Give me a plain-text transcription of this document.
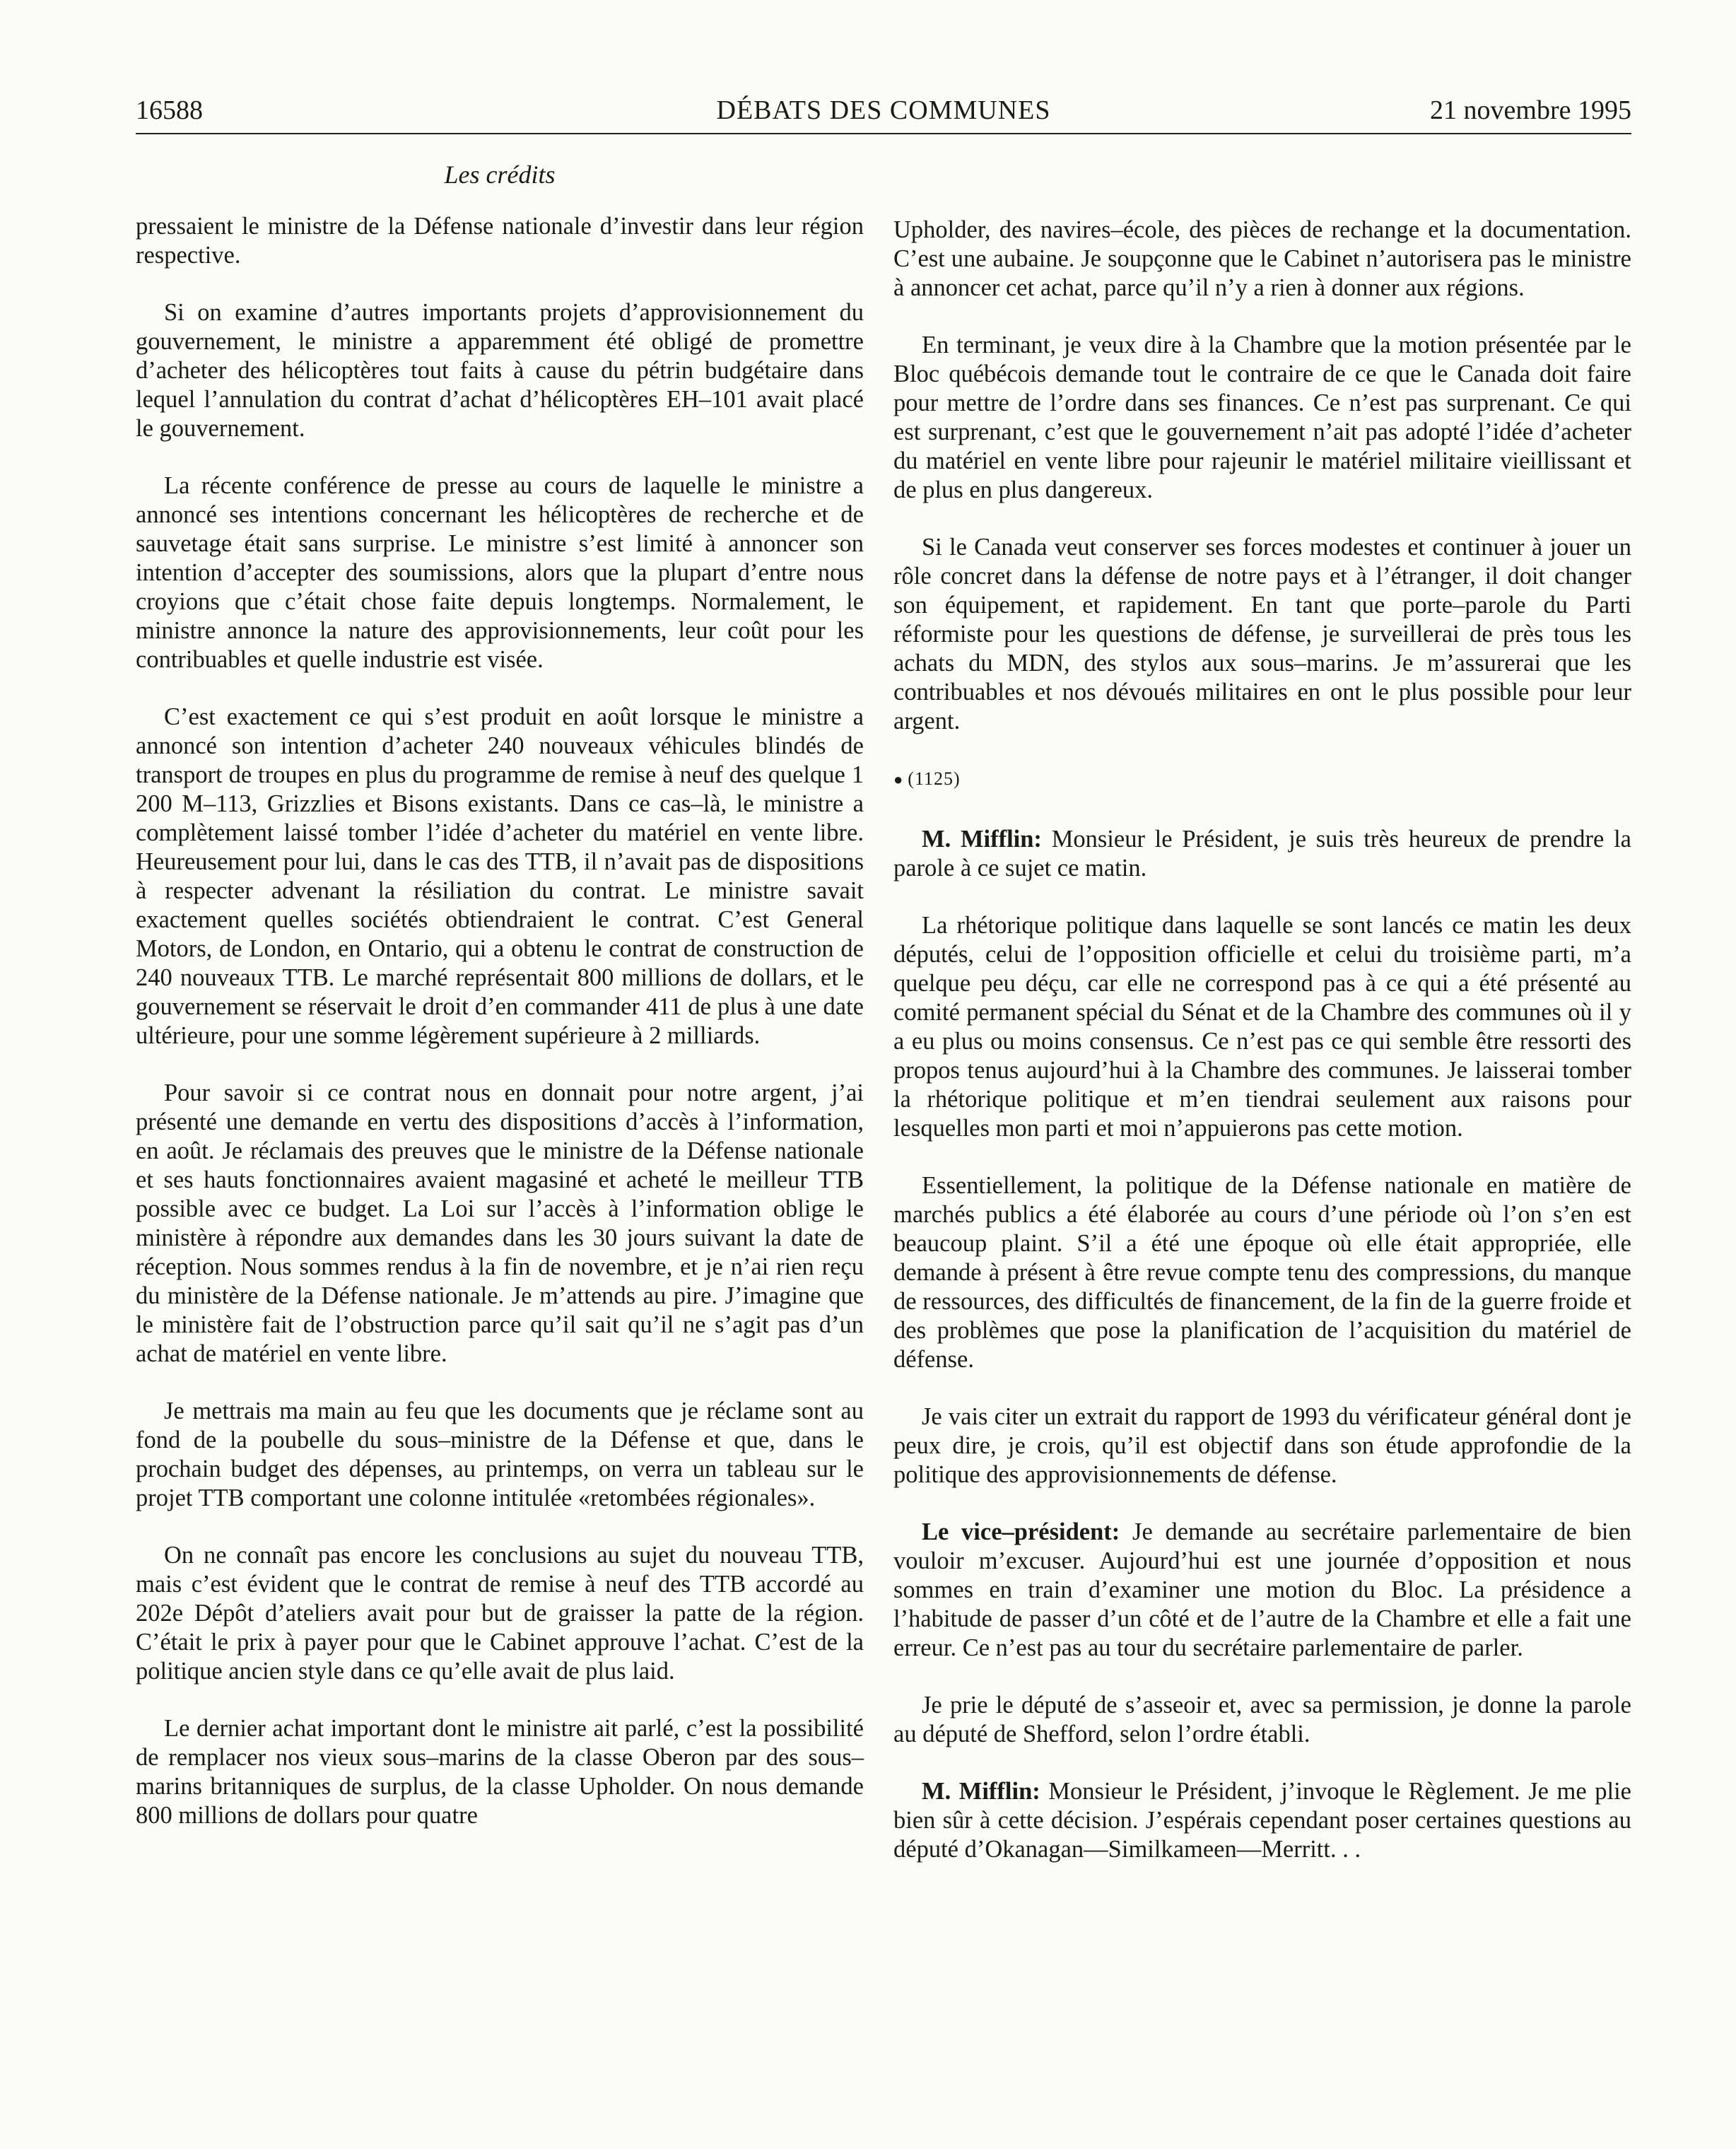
16588	DÉBATS DES COMMUNES	21 novembre 1995
Les crédits

pressaient le ministre de la Défense nationale d’investir dans leur région respective.

Si on examine d’autres importants projets d’approvisionnement du gouvernement, le ministre a apparemment été obligé de promettre d’acheter des hélicoptères tout faits à cause du pétrin budgétaire dans lequel l’annulation du contrat d’achat d’hélicoptères EH–101 avait placé le gouvernement.

La récente conférence de presse au cours de laquelle le ministre a annoncé ses intentions concernant les hélicoptères de recherche et de sauvetage était sans surprise. Le ministre s’est limité à annoncer son intention d’accepter des soumissions, alors que la plupart d’entre nous croyions que c’était chose faite depuis longtemps. Normalement, le ministre annonce la nature des approvisionnements, leur coût pour les contribuables et quelle industrie est visée.

C’est exactement ce qui s’est produit en août lorsque le ministre a annoncé son intention d’acheter 240 nouveaux véhicules blindés de transport de troupes en plus du programme de remise à neuf des quelque 1 200 M–113, Grizzlies et Bisons existants. Dans ce cas–là, le ministre a complètement laissé tomber l’idée d’acheter du matériel en vente libre. Heureusement pour lui, dans le cas des TTB, il n’avait pas de dispositions à respecter advenant la résiliation du contrat. Le ministre savait exactement quelles sociétés obtiendraient le contrat. C’est General Motors, de London, en Ontario, qui a obtenu le contrat de construction de 240 nouveaux TTB. Le marché représentait 800 millions de dollars, et le gouvernement se réservait le droit d’en commander 411 de plus à une date ultérieure, pour une somme légèrement supérieure à 2 milliards.

Pour savoir si ce contrat nous en donnait pour notre argent, j’ai présenté une demande en vertu des dispositions d’accès à l’information, en août. Je réclamais des preuves que le ministre de la Défense nationale et ses hauts fonctionnaires avaient magasiné et acheté le meilleur TTB possible avec ce budget. La Loi sur l’accès à l’information oblige le ministère à répondre aux demandes dans les 30 jours suivant la date de réception. Nous sommes rendus à la fin de novembre, et je n’ai rien reçu du ministère de la Défense nationale. Je m’attends au pire. J’imagine que le ministère fait de l’obstruction parce qu’il sait qu’il ne s’agit pas d’un achat de matériel en vente libre.

Je mettrais ma main au feu que les documents que je réclame sont au fond de la poubelle du sous–ministre de la Défense et que, dans le prochain budget des dépenses, au printemps, on verra un tableau sur le projet TTB comportant une colonne intitulée «retombées régionales».

On ne connaît pas encore les conclusions au sujet du nouveau TTB, mais c’est évident que le contrat de remise à neuf des TTB accordé au 202e Dépôt d’ateliers avait pour but de graisser la patte de la région. C’était le prix à payer pour que le Cabinet approuve l’achat. C’est de la politique ancien style dans ce qu’elle avait de plus laid.

Le dernier achat important dont le ministre ait parlé, c’est la possibilité de remplacer nos vieux sous–marins de la classe Oberon par des sous–marins britanniques de surplus, de la classe Upholder. On nous demande 800 millions de dollars pour quatre

Upholder, des navires–école, des pièces de rechange et la documentation. C’est une aubaine. Je soupçonne que le Cabinet n’autorisera pas le ministre à annoncer cet achat, parce qu’il n’y a rien à donner aux régions.

En terminant, je veux dire à la Chambre que la motion présentée par le Bloc québécois demande tout le contraire de ce que le Canada doit faire pour mettre de l’ordre dans ses finances. Ce n’est pas surprenant. Ce qui est surprenant, c’est que le gouvernement n’ait pas adopté l’idée d’acheter du matériel en vente libre pour rajeunir le matériel militaire vieillissant et de plus en plus dangereux.

Si le Canada veut conserver ses forces modestes et continuer à jouer un rôle concret dans la défense de notre pays et à l’étranger, il doit changer son équipement, et rapidement. En tant que porte–parole du Parti réformiste pour les questions de défense, je surveillerai de près tous les achats du MDN, des stylos aux sous–marins. Je m’assurerai que les contribuables et nos dévoués militaires en ont le plus possible pour leur argent.

● (1125)

M. Mifflin: Monsieur le Président, je suis très heureux de prendre la parole à ce sujet ce matin.

La rhétorique politique dans laquelle se sont lancés ce matin les deux députés, celui de l’opposition officielle et celui du troisième parti, m’a quelque peu déçu, car elle ne correspond pas à ce qui a été présenté au comité permanent spécial du Sénat et de la Chambre des communes où il y a eu plus ou moins consensus. Ce n’est pas ce qui semble être ressorti des propos tenus aujourd’hui à la Chambre des communes. Je laisserai tomber la rhétorique politique et m’en tiendrai seulement aux raisons pour lesquelles mon parti et moi n’appuierons pas cette motion.

Essentiellement, la politique de la Défense nationale en matière de marchés publics a été élaborée au cours d’une période où l’on s’en est beaucoup plaint. S’il a été une époque où elle était appropriée, elle demande à présent à être revue compte tenu des compressions, du manque de ressources, des difficultés de financement, de la fin de la guerre froide et des problèmes que pose la planification de l’acquisition du matériel de défense.

Je vais citer un extrait du rapport de 1993 du vérificateur général dont je peux dire, je crois, qu’il est objectif dans son étude approfondie de la politique des approvisionnements de défense.

Le vice–président: Je demande au secrétaire parlementaire de bien vouloir m’excuser. Aujourd’hui est une journée d’opposition et nous sommes en train d’examiner une motion du Bloc. La présidence a l’habitude de passer d’un côté et de l’autre de la Chambre et elle a fait une erreur. Ce n’est pas au tour du secrétaire parlementaire de parler.

Je prie le député de s’asseoir et, avec sa permission, je donne la parole au député de Shefford, selon l’ordre établi.

M. Mifflin: Monsieur le Président, j’invoque le Règlement. Je me plie bien sûr à cette décision. J’espérais cependant poser certaines questions au député d’Okanagan—Similkameen—Merritt. . .
